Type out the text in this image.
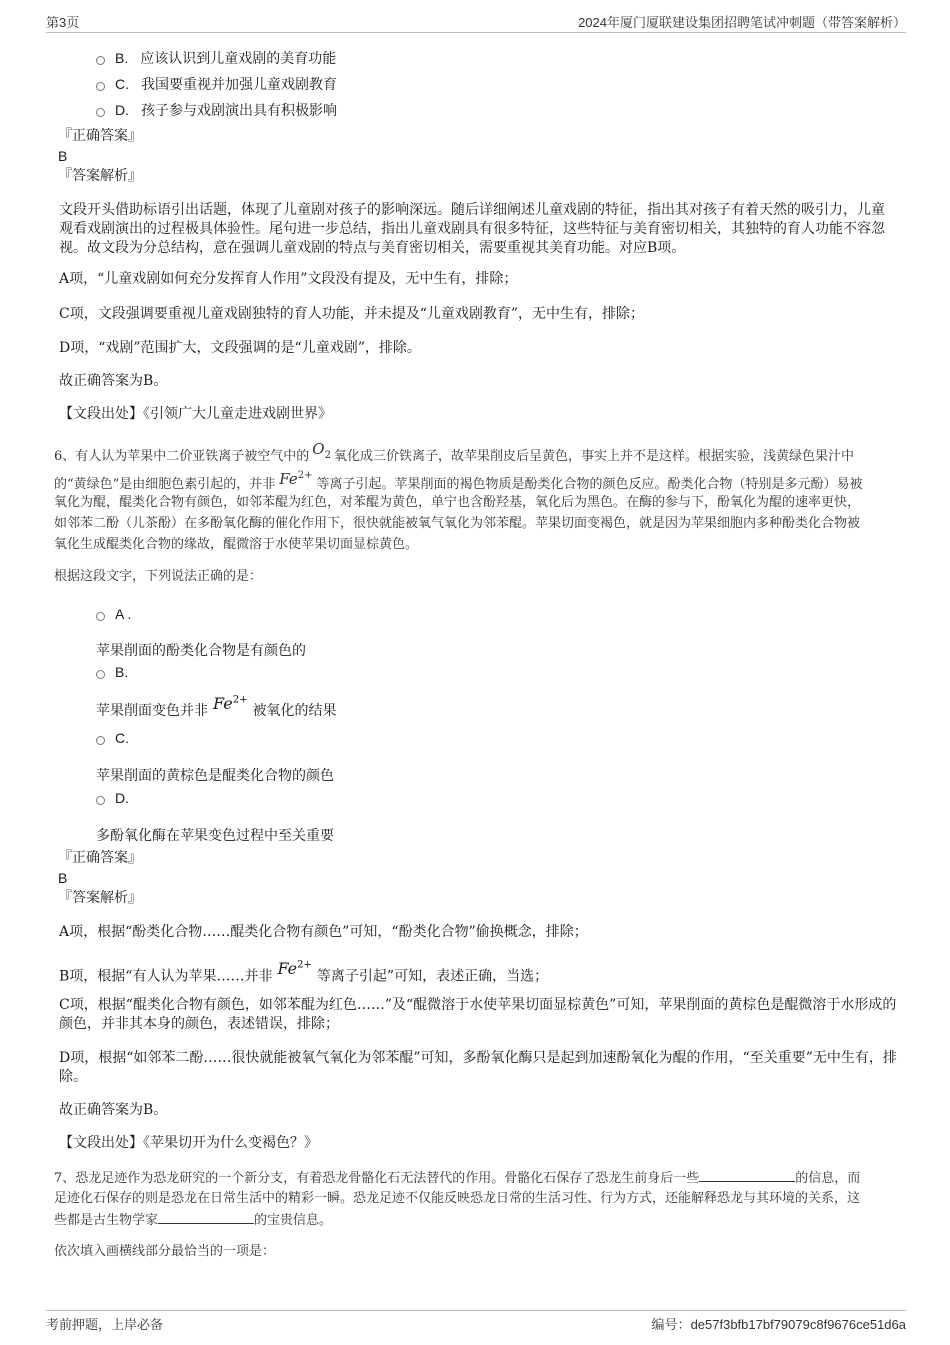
第3页	2024年厦门厦联建设集团招聘笔试冲刺题（带答案解析）
B. 应该认识到儿童戏剧的美育功能
C. 我国要重视并加强儿童戏剧教育
D. 孩子参与戏剧演出具有积极影响
『正确答案』
B
『答案解析』
文段开头借助标语引出话题，体现了儿童剧对孩子的影响深远。随后详细阐述儿童戏剧的特征，指出其对孩子有着天然的吸引力，儿童观看戏剧演出的过程极具体验性。尾句进一步总结，指出儿童戏剧具有很多特征，这些特征与美育密切相关，其独特的育人功能不容忽视。故文段为分总结构，意在强调儿童戏剧的特点与美育密切相关，需要重视其美育功能。对应B项。
A项，“儿童戏剧如何充分发挥育人作用”文段没有提及，无中生有，排除；
C项，文段强调要重视儿童戏剧独特的育人功能，并未提及“儿童戏剧教育”，无中生有，排除；
D项，“戏剧”范围扩大，文段强调的是“儿童戏剧”，排除。
故正确答案为B。
【文段出处】《引领广大儿童走进戏剧世界》
6、有人认为苹果中二价亚铁离子被空气中的 $O_2$ 氧化成三价铁离子，故苹果削皮后呈黄色，事实上并不是这样。根据实验，浅黄绿色果汁中
的“黄绿色”是由细胞色素引起的，并非 $Fe^{2+}$等离子引起。苹果削面的褐色物质是酚类化合物的颜色反应。酚类化合物（特别是多元酚）易被
氧化为醌，醌类化合物有颜色，如邻苯醌为红色，对苯醌为黄色，单宁也含酚羟基，氧化后为黑色。在酶的参与下，酚氧化为醌的速率更快，
如邻苯二酚（儿茶酚）在多酚氧化酶的催化作用下，很快就能被氧气氧化为邻苯醌。苹果切面变褐色，就是因为苹果细胞内多种酚类化合物被
氧化生成醌类化合物的缘故，醌微溶于水使苹果切面显棕黄色。
根据这段文字，下列说法正确的是：
A .
苹果削面的酚类化合物是有颜色的
B.
苹果削面变色并非 $Fe^{2+}$被氧化的结果
C.
苹果削面的黄棕色是醌类化合物的颜色
D.
多酚氧化酶在苹果变色过程中至关重要
『正确答案』
B
『答案解析』
A项，根据“酚类化合物……醌类化合物有颜色”可知，“酚类化合物”偷换概念，排除；
B项，根据“有人认为苹果……并非 $Fe^{2+}$等离子引起”可知，表述正确，当选；
C项，根据“醌类化合物有颜色，如邻苯醌为红色……”及“醌微溶于水使苹果切面显棕黄色”可知，苹果削面的黄棕色是醌微溶于水形成的颜色，并非其本身的颜色，表述错误，排除；
D项，根据“如邻苯二酚……很快就能被氧气氧化为邻苯醌”可知，多酚氧化酶只是起到加速酚氧化为醌的作用，“至关重要”无中生有，排除。
故正确答案为B。
【文段出处】《苹果切开为什么变褐色？》
7、恐龙足迹作为恐龙研究的一个新分支，有着恐龙骨骼化石无法替代的作用。骨骼化石保存了恐龙生前身后一些	的信息，而
足迹化石保存的则是恐龙在日常生活中的精彩一瞬。恐龙足迹不仅能反映恐龙日常的生活习性、行为方式，还能解释恐龙与其环境的关系，这
些都是古生物学家	的宝贵信息。
依次填入画横线部分最恰当的一项是：
考前押题，上岸必备	编号：de57f3bfb17bf79079c8f9676ce51d6a
